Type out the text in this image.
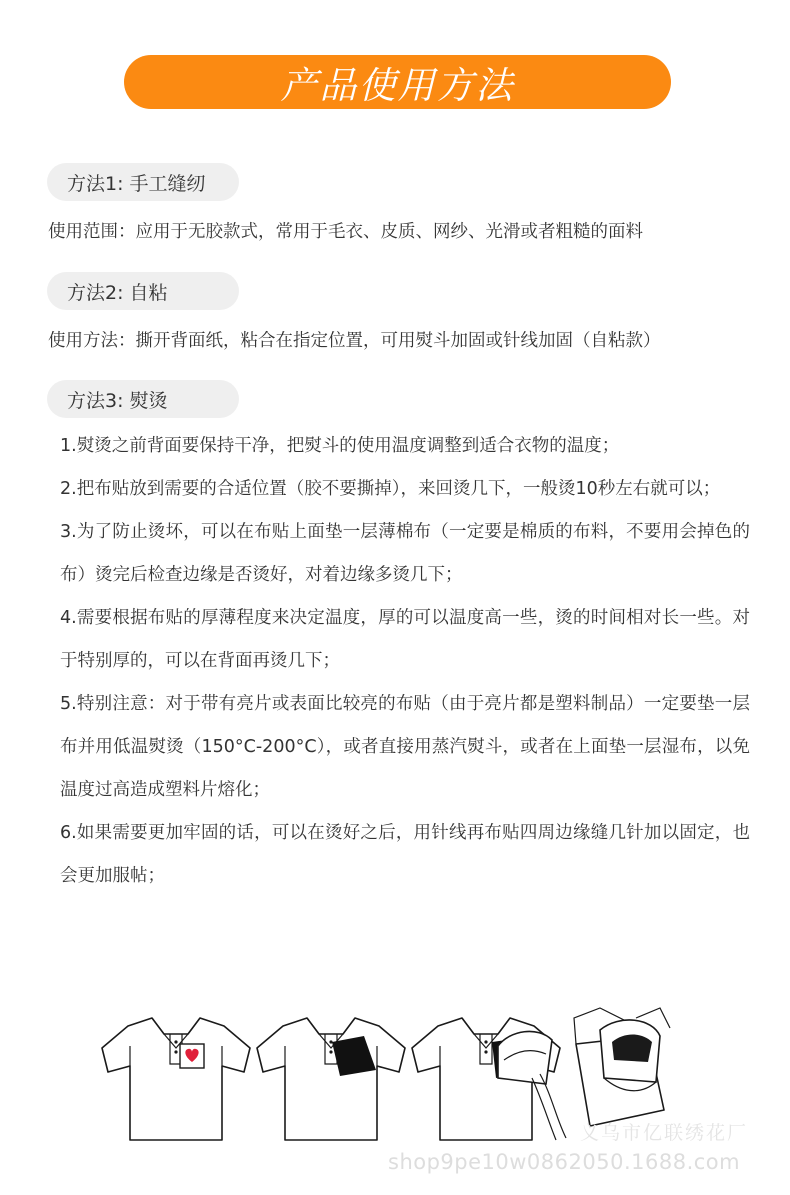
产品使用方法
方法1: 手工缝纫
使用范围：应用于无胶款式，常用于毛衣、皮质、网纱、光滑或者粗糙的面料
方法2: 自粘
使用方法：撕开背面纸，粘合在指定位置，可用熨斗加固或针线加固（自粘款）
方法3: 熨烫
1.熨烫之前背面要保持干净，把熨斗的使用温度调整到适合衣物的温度；
2.把布贴放到需要的合适位置（胶不要撕掉），来回烫几下，一般烫10秒左右就可以；
3.为了防止烫坏，可以在布贴上面垫一层薄棉布（一定要是棉质的布料，不要用会掉色的布）烫完后检查边缘是否烫好，对着边缘多烫几下；
4.需要根据布贴的厚薄程度来决定温度，厚的可以温度高一些，烫的时间相对长一些。对于特别厚的，可以在背面再烫几下；
5.特别注意：对于带有亮片或表面比较亮的布贴（由于亮片都是塑料制品）一定要垫一层布并用低温熨烫（150°C-200°C），或者直接用蒸汽熨斗，或者在上面垫一层湿布，以免温度过高造成塑料片熔化；
6.如果需要更加牢固的话，可以在烫好之后，用针线再布贴四周边缘缝几针加以固定，也会更加服帖；
义乌市亿联绣花厂
shop9pe10w0862050.1688.com
